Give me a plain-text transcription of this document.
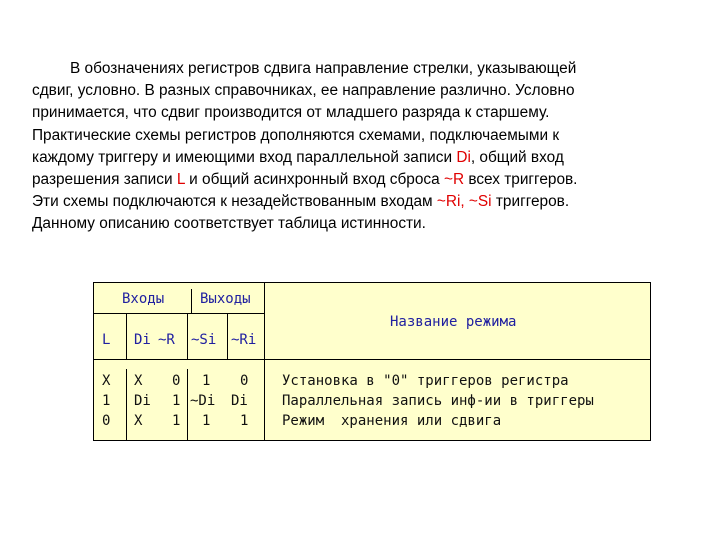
В обозначениях регистров сдвига направление стрелки, указывающей
сдвиг, условно. В разных справочниках, ее направление различно. Условно
принимается, что сдвиг производится от младшего разряда к старшему.
Практические схемы регистров дополняются схемами, подключаемыми к
каждому триггеру и имеющими вход параллельной записи Di, общий вход
разрешения записи L и общий асинхронный вход сброса ~R всех триггеров.
Эти схемы подключаются к незадействованным входам ~Ri, ~Si триггеров.
Данному описанию соответствует таблица истинности.
Входы	Выходы
Название режима
L Di ~R ~Si ~Ri
X X 0 1 0 Установка в "0" триггеров регистра
1 Di 1 ~Di Di Параллельная запись инф-ии в триггеры
0 X 1 1 1 Режим  хранения или сдвига
